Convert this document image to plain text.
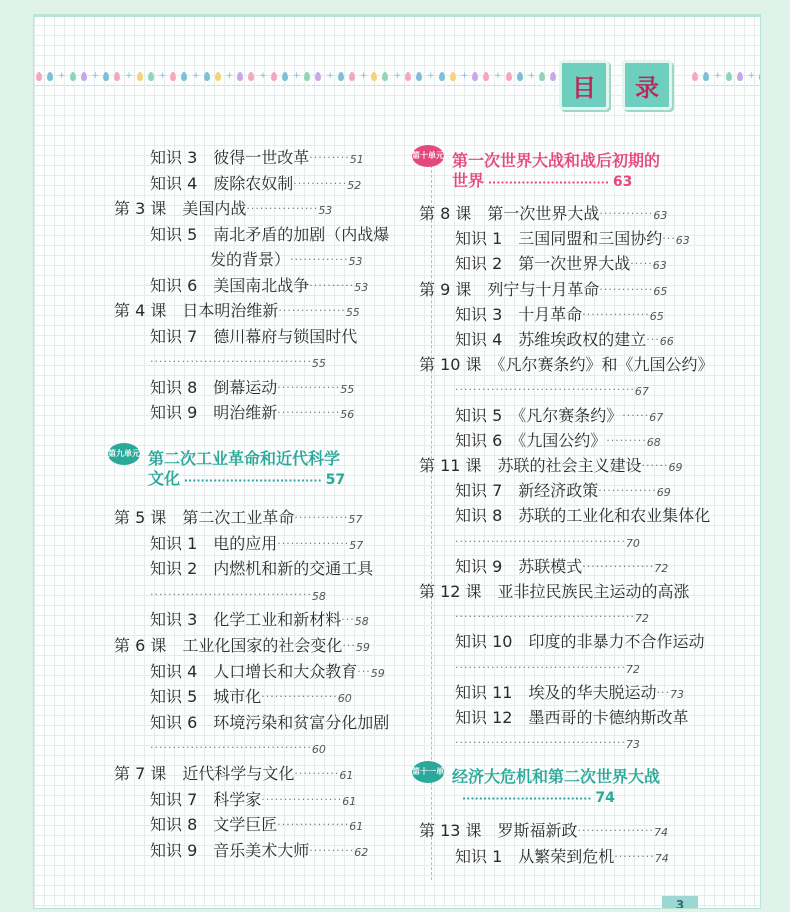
+	+	+	+	+	+	+	+	+	+	+	+	+	+	+ 目 录	+	+
3
知识 3　彼得一世改革·········51
知识 4　废除农奴制············52
第 3 课　美国内战················53
知识 5　南北矛盾的加剧（内战爆
发的背景）·············53
知识 6　美国南北战争··········53
第 4 课　日本明治维新···············55
知识 7　德川幕府与锁国时代
····································55
知识 8　倒幕运动··············55
知识 9　明治维新··············56
第九单元 第二次工业革命和近代科学
文化 ································· 57
第 5 课　第二次工业革命············57
知识 1　电的应用················57
知识 2　内燃机和新的交通工具
····································58
知识 3　化学工业和新材料···58
第 6 课　工业化国家的社会变化···59
知识 4　人口增长和大众教育···59
知识 5　城市化·················60
知识 6　环境污染和贫富分化加剧
····································60
第 7 课　近代科学与文化··········61
知识 7　科学家··················61
知识 8　文学巨匠················61
知识 9　音乐美术大师··········62
第十单元 第一次世界大战和战后初期的
世界 ····························· 63
第 8 课　第一次世界大战············63
知识 1　三国同盟和三国协约···63
知识 2　第一次世界大战·····63
第 9 课　列宁与十月革命············65
知识 3　十月革命···············65
知识 4　苏维埃政权的建立···66
第 10 课　《凡尔赛条约》和《九国公约》
········································67
知识 5　《凡尔赛条约》······67
知识 6　《九国公约》·········68
第 11 课　苏联的社会主义建设······69
知识 7　新经济政策·············69
知识 8　苏联的工业化和农业集体化
······································70
知识 9　苏联模式················72
第 12 课　亚非拉民族民主运动的高涨
········································72
知识 10　印度的非暴力不合作运动
······································72
知识 11　埃及的华夫脱运动···73
知识 12　墨西哥的卡德纳斯改革
······································73
第十一单元
经济大危机和第二次世界大战
······························· 74
第 13 课　罗斯福新政·················74
知识 1　从繁荣到危机·········74
